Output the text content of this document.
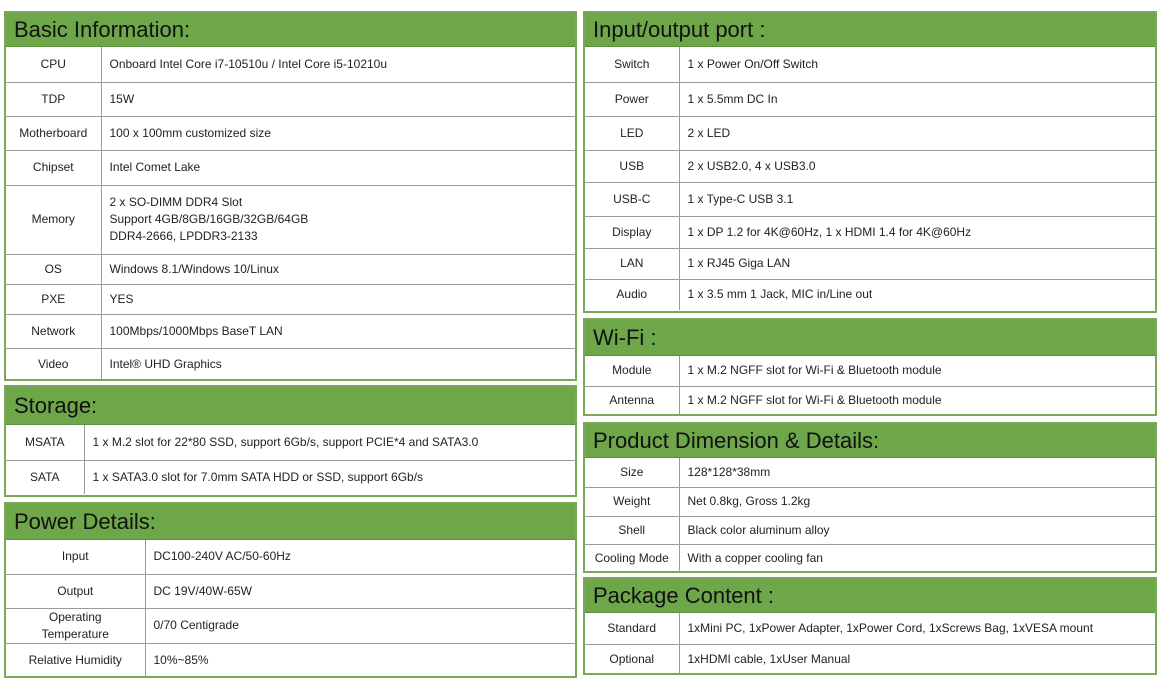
Basic Information:
CPU	Onboard Intel Core i7-10510u / Intel Core i5-10210u
TDP	15W
Motherboard	100 x 100mm customized size
Chipset	Intel Comet Lake
Memory	2 x SO-DIMM DDR4 Slot
Support 4GB/8GB/16GB/32GB/64GB
DDR4-2666, LPDDR3-2133

OS	Windows 8.1/Windows 10/Linux
PXE	YES
Network	100Mbps/1000Mbps BaseT LAN
Video	Intel® UHD Graphics
Storage:
MSATA	1 x M.2 slot for 22*80 SSD, support 6Gb/s, support PCIE*4 and SATA3.0
SATA	1 x SATA3.0 slot for 7.0mm SATA HDD or SSD, support 6Gb/s
Power Details:
Input	DC100-240V AC/50-60Hz
Output	DC 19V/40W-65W
Operating Temperature	0/70 Centigrade
Relative Humidity	10%~85%
Input/output port :
Switch	1 x Power On/Off Switch
Power	1 x 5.5mm DC In
LED	2 x LED
USB	2 x USB2.0, 4 x USB3.0
USB-C	1 x Type-C USB 3.1
Display	1 x DP 1.2 for 4K@60Hz, 1 x HDMI 1.4 for 4K@60Hz
LAN	1 x RJ45 Giga LAN
Audio	1 x 3.5 mm 1 Jack, MIC in/Line out
Wi-Fi :
Module	1 x M.2 NGFF slot for Wi-Fi & Bluetooth module
Antenna	1 x M.2 NGFF slot for Wi-Fi & Bluetooth module
Product Dimension & Details:
Size	128*128*38mm
Weight	Net 0.8kg, Gross 1.2kg
Shell	Black color aluminum alloy
Cooling Mode	With a copper cooling fan
Package Content :
Standard	1xMini PC, 1xPower Adapter, 1xPower Cord, 1xScrews Bag, 1xVESA mount
Optional	1xHDMI cable, 1xUser Manual
